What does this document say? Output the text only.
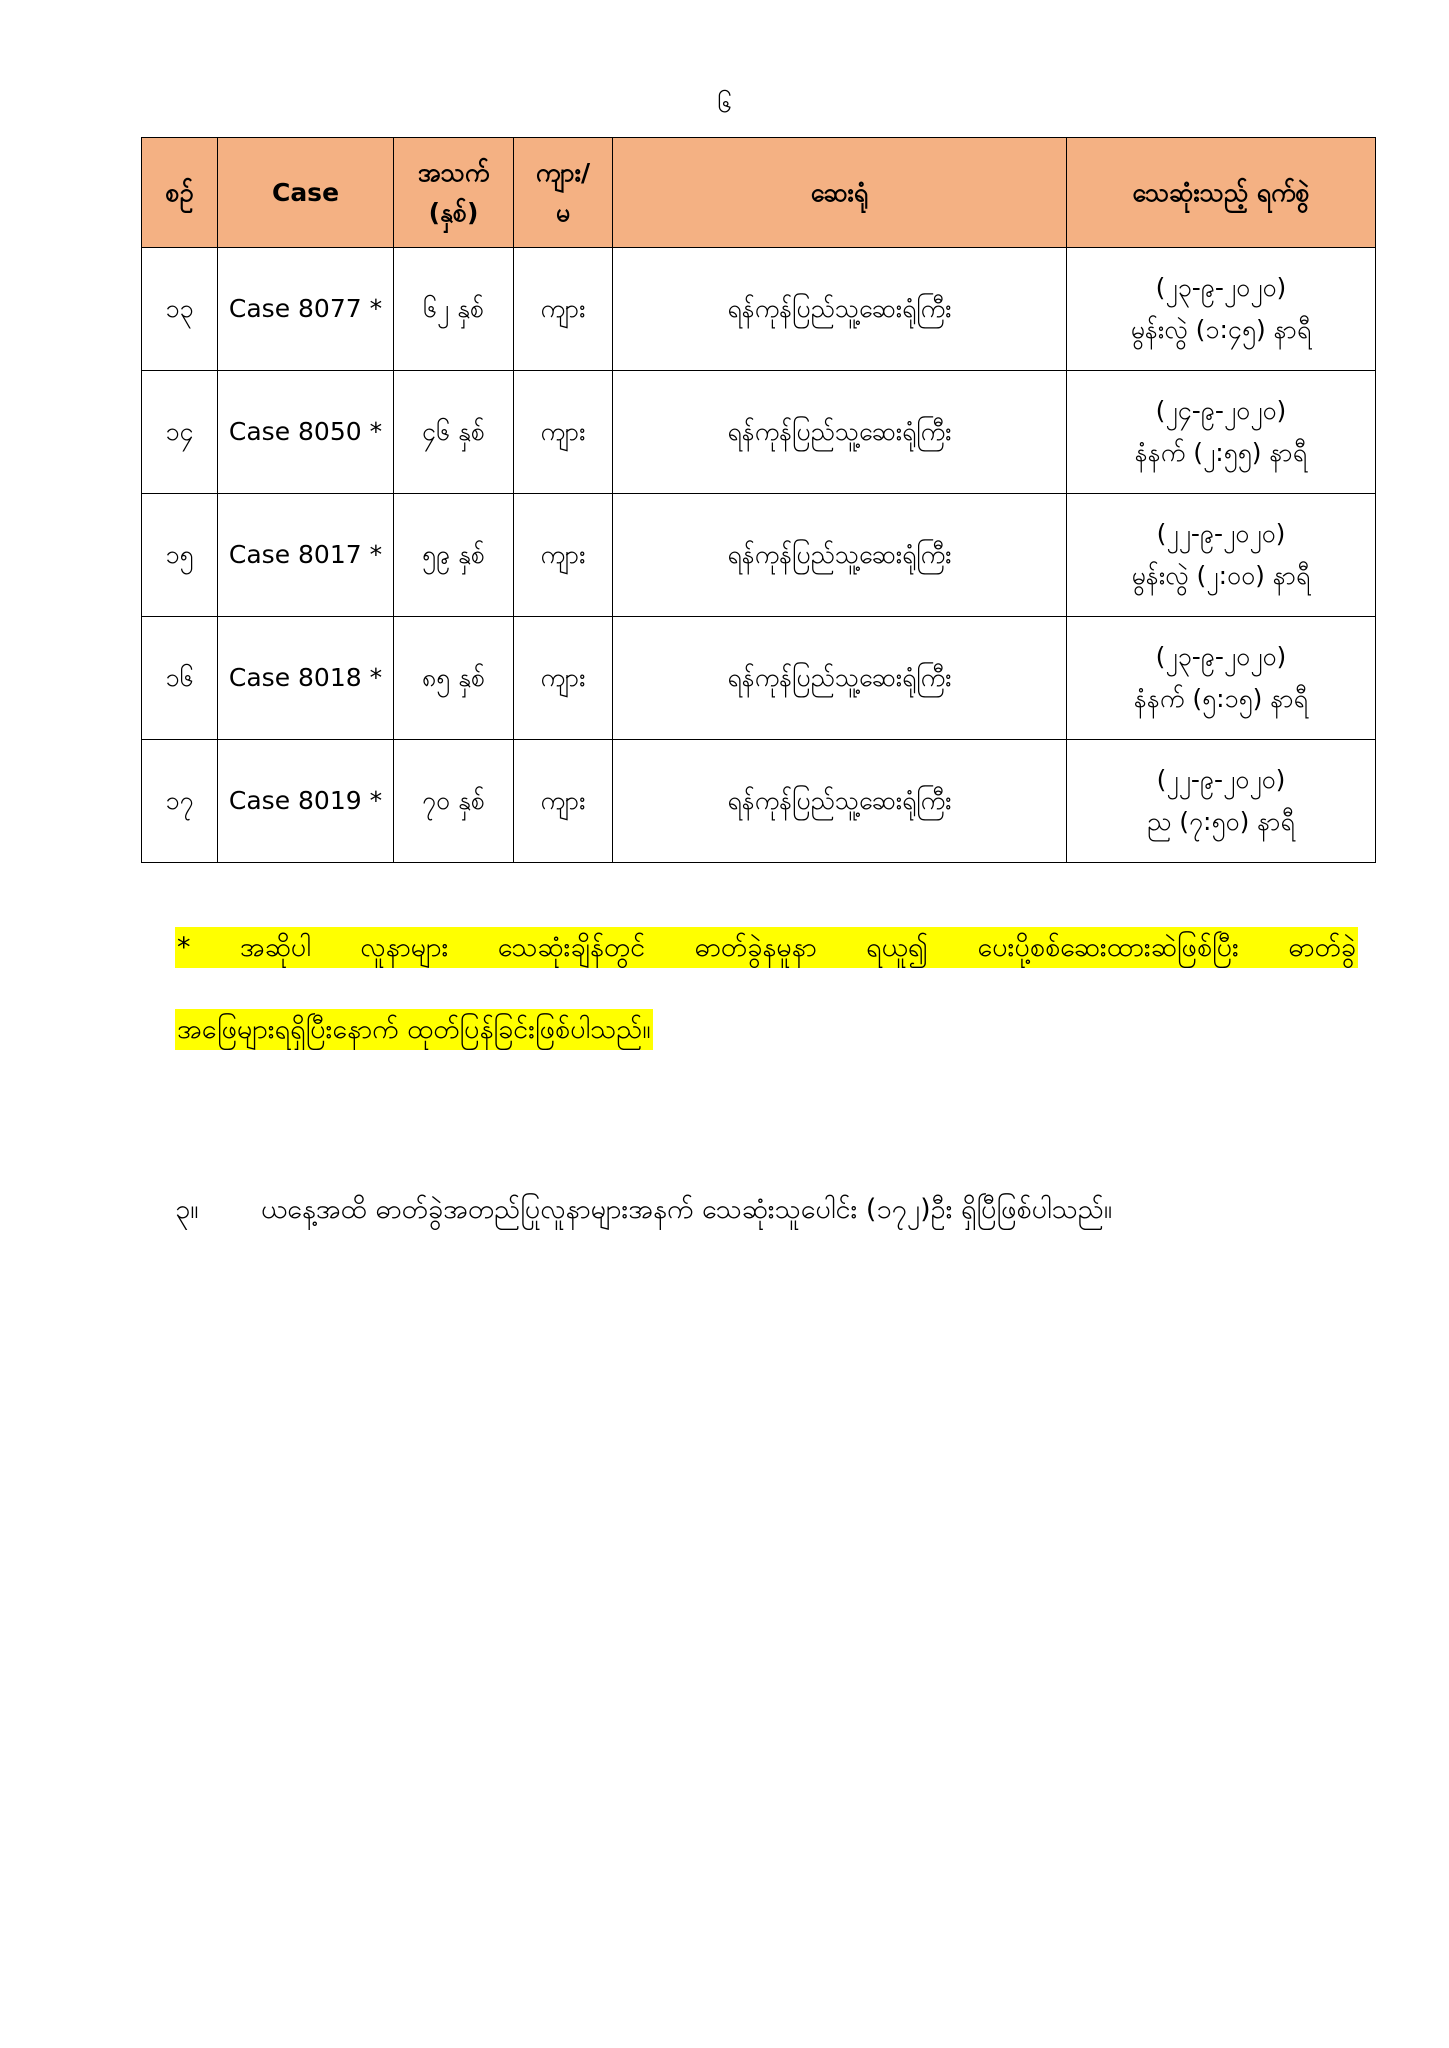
၆
စဉ်	Case	အသက်
(နှစ်)	ကျား/
မ	ဆေးရုံ	သေဆုံးသည့် ရက်စွဲ
၁၃	Case 8077 *	၆၂ နှစ်	ကျား	ရန်ကုန်ပြည်သူ့ဆေးရုံကြီး	(၂၃-၉-၂၀၂၀)
မွန်းလွဲ (၁:၄၅) နာရီ
၁၄	Case 8050 *	၄၆ နှစ်	ကျား	ရန်ကုန်ပြည်သူ့ဆေးရုံကြီး	(၂၄-၉-၂၀၂၀)
နံနက် (၂:၅၅) နာရီ
၁၅	Case 8017 *	၅၉ နှစ်	ကျား	ရန်ကုန်ပြည်သူ့ဆေးရုံကြီး	(၂၂-၉-၂၀၂၀)
မွန်းလွဲ (၂:၀၀) နာရီ
၁၆	Case 8018 *	၈၅ နှစ်	ကျား	ရန်ကုန်ပြည်သူ့ဆေးရုံကြီး	(၂၃-၉-၂၀၂၀)
နံနက် (၅:၁၅) နာရီ
၁၇	Case 8019 *	၇၀ နှစ်	ကျား	ရန်ကုန်ပြည်သူ့ဆေးရုံကြီး	(၂၂-၉-၂၀၂၀)
ည (၇:၅၀) နာရီ
* အဆိုပါ လူနာများ သေဆုံးချိန်တွင် ဓာတ်ခွဲနမူနာ ရယူ၍ ပေးပို့စစ်ဆေးထားဆဲဖြစ်ပြီး ဓာတ်ခွဲ
အဖြေများရရှိပြီးနောက် ထုတ်ပြန်ခြင်းဖြစ်ပါသည်။
၃။ ယနေ့အထိ ဓာတ်ခွဲအတည်ပြုလူနာများအနက် သေဆုံးသူပေါင်း (၁၇၂)ဦး ရှိပြီဖြစ်ပါသည်။
